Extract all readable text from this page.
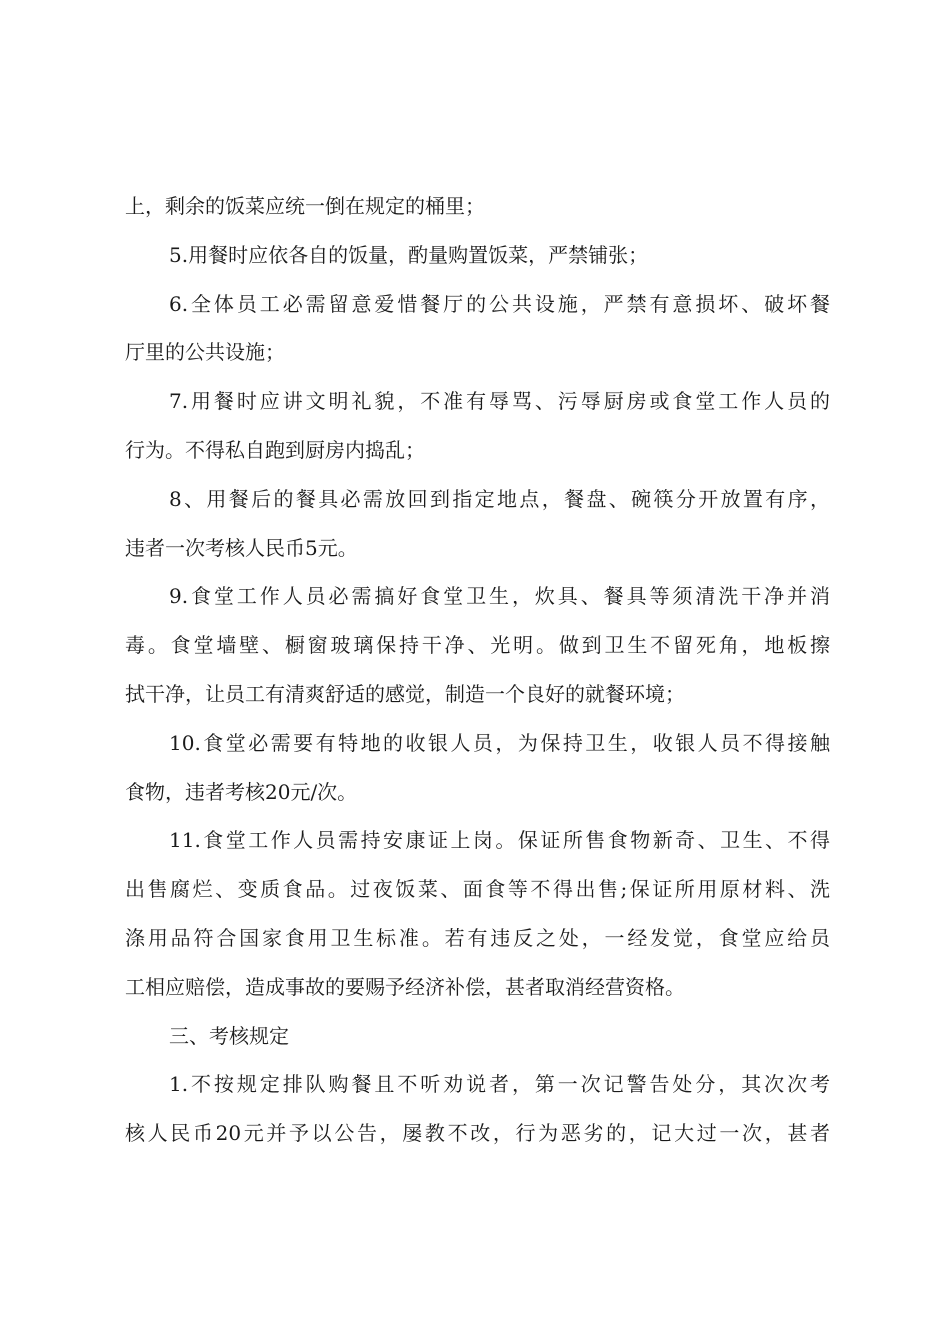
上，剩余的饭菜应统一倒在规定的桶里；
5.用餐时应依各自的饭量，酌量购置饭菜，严禁铺张；
6.全体员工必需留意爱惜餐厅的公共设施，严禁有意损坏、破坏餐
厅里的公共设施；
7.用餐时应讲文明礼貌，不准有辱骂、污辱厨房或食堂工作人员的
行为。不得私自跑到厨房内捣乱；
8、用餐后的餐具必需放回到指定地点，餐盘、碗筷分开放置有序，
违者一次考核人民币5元。
9.食堂工作人员必需搞好食堂卫生，炊具、餐具等须清洗干净并消
毒。食堂墙壁、橱窗玻璃保持干净、光明。做到卫生不留死角，地板擦
拭干净，让员工有清爽舒适的感觉，制造一个良好的就餐环境；
10.食堂必需要有特地的收银人员，为保持卫生，收银人员不得接触
食物，违者考核20元/次。
11.食堂工作人员需持安康证上岗。保证所售食物新奇、卫生、不得
出售腐烂、变质食品。过夜饭菜、面食等不得出售;保证所用原材料、洗
涤用品符合国家食用卫生标准。若有违反之处，一经发觉，食堂应给员
工相应赔偿，造成事故的要赐予经济补偿，甚者取消经营资格。
三、考核规定
1.不按规定排队购餐且不听劝说者，第一次记警告处分，其次次考
核人民币20元并予以公告，屡教不改，行为恶劣的，记大过一次，甚者
